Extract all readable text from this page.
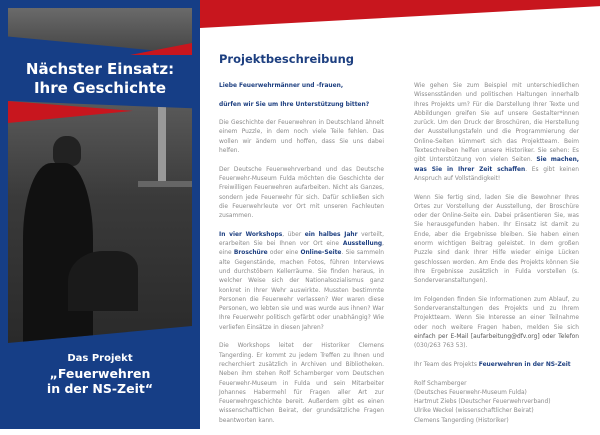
Nächster Einsatz:
Ihre Geschichte
Das Projekt
„Feuerwehren
in der NS-Zeit“
Projektbeschreibung

Liebe Feuerwehrmänner und -frauen,

dürfen wir Sie um Ihre Unterstützung bitten?

Die Geschichte der Feuerwehren in Deutschland ähnelt einem Puzzle, in dem noch viele Teile fehlen. Das wollen wir ändern und hoffen, dass Sie uns dabei helfen.

Der Deutsche Feuerwehrverband und das Deutsche Feuerwehr-Museum Fulda möchten die Geschichte der Freiwilligen Feuerwehren aufarbeiten. Nicht als Ganzes, sondern jede Feuerwehr für sich. Dafür schließen sich die Feuerwehrleute vor Ort mit unseren Fachleuten zusammen.

In vier Workshops, über ein halbes Jahr verteilt, erarbeiten Sie bei Ihnen vor Ort eine Ausstellung, eine Broschüre oder eine Online-Seite. Sie sammeln alte Gegenstände, machen Fotos, führen Interviews und durchstöbern Kellerräume. Sie finden heraus, in welcher Weise sich der Nationalsozialismus ganz konkret in Ihrer Wehr auswirkte. Mussten bestimmte Personen die Feuerwehr verlassen? Wer waren diese Personen, wo lebten sie und was wurde aus ihnen? War Ihre Feuerwehr politisch gefärbt oder unabhängig? Wie verliefen Einsätze in diesen Jahren?

Die Workshops leitet der Historiker Clemens Tangerding. Er kommt zu jedem Treffen zu Ihnen und recherchiert zusätzlich in Archiven und Bibliotheken. Neben ihm stehen Rolf Schamberger vom Deutschen Feuerwehr-Museum in Fulda und sein Mitarbeiter Johannes Habermehl für Fragen aller Art zur Feuerwehrgeschichte bereit. Außerdem gibt es einen wissenschaftlichen Beirat, der grundsätzliche Fragen beantworten kann.

Wie gehen Sie zum Beispiel mit unterschiedlichen Wissensständen und politischen Haltungen innerhalb Ihres Projekts um? Für die Darstellung Ihrer Texte und Abbildungen greifen Sie auf unsere Gestalter*innen zurück. Um den Druck der Broschüren, die Herstellung der Ausstellungstafeln und die Programmierung der Online-Seiten kümmert sich das Projektteam. Beim Texteschreiben helfen unsere Historiker. Sie sehen: Es gibt Unterstützung von vielen Seiten. Sie machen, was Sie in Ihrer Zeit schaffen. Es gibt keinen Anspruch auf Vollständigkeit!

Wenn Sie fertig sind, laden Sie die Bewohner Ihres Ortes zur Vorstellung der Ausstellung, der Broschüre oder der Online-Seite ein. Dabei präsentieren Sie, was Sie herausgefunden haben. Ihr Einsatz ist damit zu Ende, aber die Ergebnisse bleiben. Sie haben einen enorm wichtigen Beitrag geleistet. In dem großen Puzzle sind dank Ihrer Hilfe wieder einige Lücken geschlossen worden. Am Ende des Projekts können Sie Ihre Ergebnisse zusätzlich in Fulda vorstellen (s. Sonderveranstaltungen).

Im Folgenden finden Sie Informationen zum Ablauf, zu Sonderveranstaltungen des Projekts und zu Ihrem Projektteam. Wenn Sie Interesse an einer Teilnahme oder noch weitere Fragen haben, melden Sie sich einfach per E-Mail [aufarbeitung@dfv.org] oder Telefon (030/263 763 53).

Ihr Team des Projekts Feuerwehren in der NS-Zeit

Rolf Schamberger
(Deutsches Feuerwehr-Museum Fulda)
Hartmut Ziebs (Deutscher Feuerwehrverband)
Ulrike Weckel (wissenschaftlicher Beirat)
Clemens Tangerding (Historiker)
